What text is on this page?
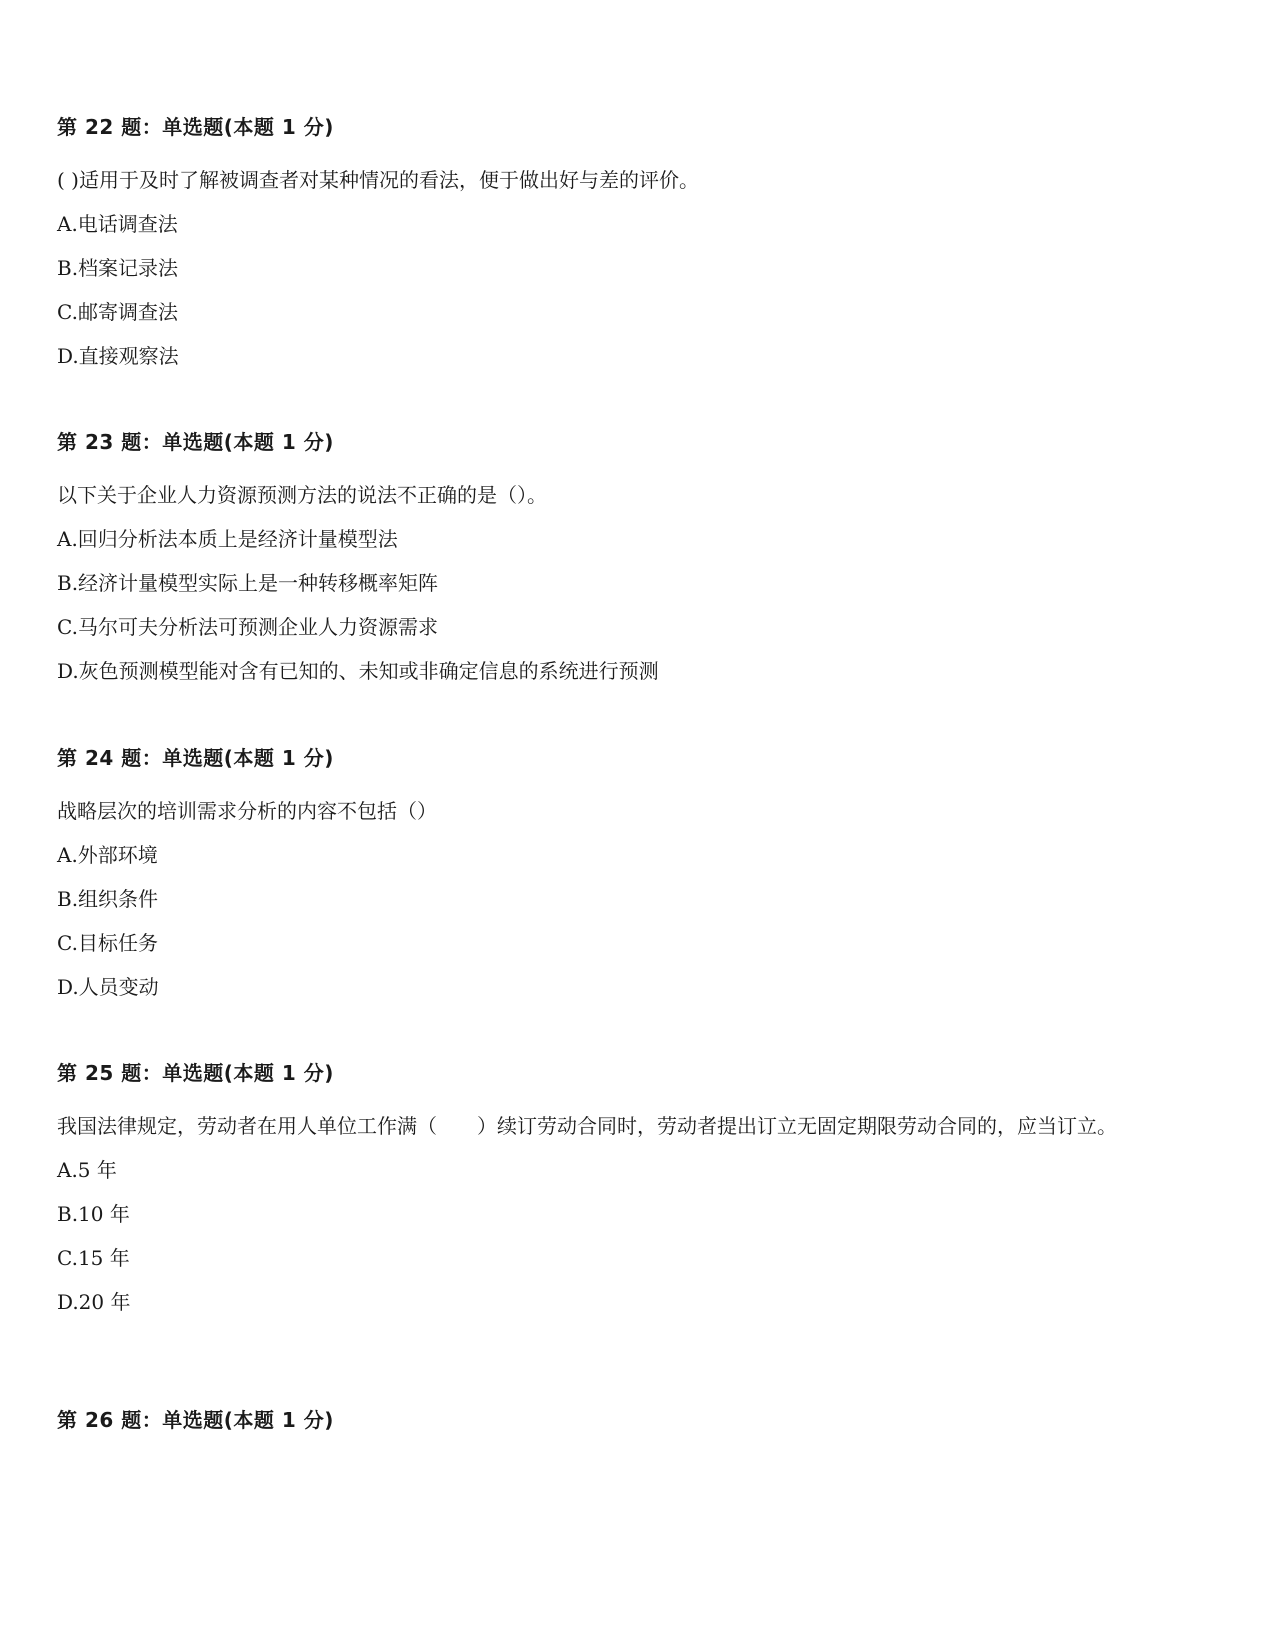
第 22 题：单选题(本题 1 分)
( )适用于及时了解被调查者对某种情况的看法，便于做出好与差的评价。
A.电话调查法
B.档案记录法
C.邮寄调查法
D.直接观察法
第 23 题：单选题(本题 1 分)
以下关于企业人力资源预测方法的说法不正确的是（）。
A.回归分析法本质上是经济计量模型法
B.经济计量模型实际上是一种转移概率矩阵
C.马尔可夫分析法可预测企业人力资源需求
D.灰色预测模型能对含有已知的、未知或非确定信息的系统进行预测
第 24 题：单选题(本题 1 分)
战略层次的培训需求分析的内容不包括（）
A.外部环境
B.组织条件
C.目标任务
D.人员变动
第 25 题：单选题(本题 1 分)
我国法律规定，劳动者在用人单位工作满（　　）续订劳动合同时，劳动者提出订立无固定期限劳动合同的，应当订立。
A.5 年
B.10 年
C.15 年
D.20 年
第 26 题：单选题(本题 1 分)
